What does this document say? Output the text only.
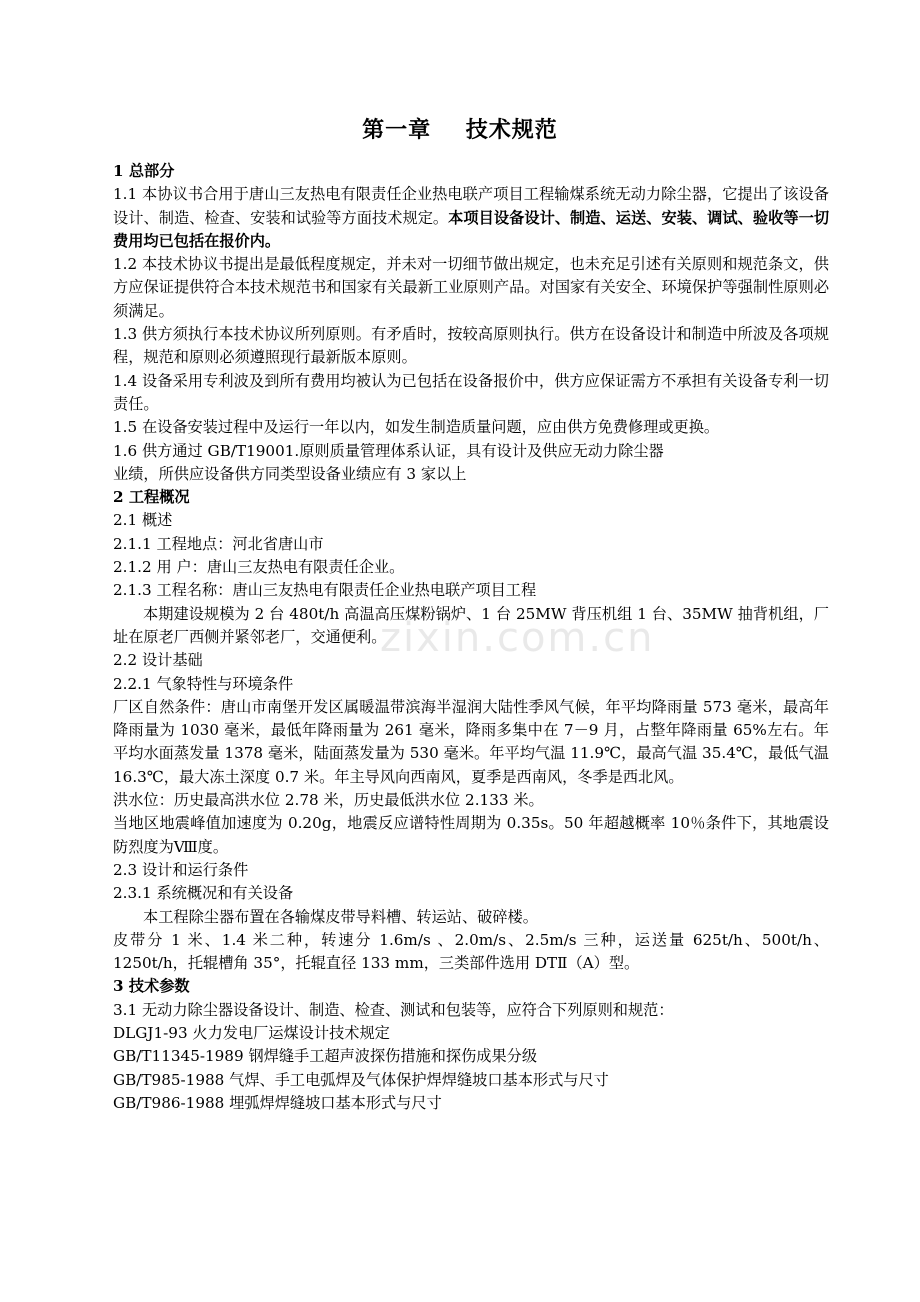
zixin.com.cn
第一章    技术规范

1 总部分

1.1 本协议书合用于唐山三友热电有限责任企业热电联产项目工程输煤系统无动力除尘器，它提出了该设备设计、制造、检查、安装和试验等方面技术规定。本项目设备设计、制造、运送、安装、调试、验收等一切费用均已包括在报价内。

1.2 本技术协议书提出是最低程度规定，并未对一切细节做出规定，也未充足引述有关原则和规范条文，供方应保证提供符合本技术规范书和国家有关最新工业原则产品。对国家有关安全、环境保护等强制性原则必须满足。

1.3 供方须执行本技术协议所列原则。有矛盾时，按较高原则执行。供方在设备设计和制造中所波及各项规程，规范和原则必须遵照现行最新版本原则。

1.4 设备采用专利波及到所有费用均被认为已包括在设备报价中，供方应保证需方不承担有关设备专利一切责任。

1.5 在设备安装过程中及运行一年以内，如发生制造质量问题，应由供方免费修理或更换。

1.6 供方通过 GB/T19001.原则质量管理体系认证，具有设计及供应无动力除尘器

业绩，所供应设备供方同类型设备业绩应有 3 家以上

2 工程概况

2.1 概述

2.1.1 工程地点：河北省唐山市

2.1.2 用 户：唐山三友热电有限责任企业。

2.1.3 工程名称：唐山三友热电有限责任企业热电联产项目工程

本期建设规模为 2 台 480t/h 高温高压煤粉锅炉、1 台 25MW 背压机组 1 台、35MW 抽背机组，厂址在原老厂西侧并紧邻老厂，交通便利。

2.2 设计基础

2.2.1 气象特性与环境条件

厂区自然条件：唐山市南堡开发区属暖温带滨海半湿润大陆性季风气候，年平均降雨量 573 毫米，最高年降雨量为 1030 毫米，最低年降雨量为 261 毫米，降雨多集中在 7－9 月，占整年降雨量 65%左右。年平均水面蒸发量 1378 毫米，陆面蒸发量为 530 毫米。年平均气温 11.9℃，最高气温 35.4℃，最低气温 16.3℃，最大冻土深度 0.7 米。年主导风向西南风，夏季是西南风，冬季是西北风。

洪水位：历史最高洪水位 2.78 米，历史最低洪水位 2.133 米。

当地区地震峰值加速度为 0.20g，地震反应谱特性周期为 0.35s。50 年超越概率 10％条件下，其地震设防烈度为Ⅷ度。

2.3 设计和运行条件

2.3.1 系统概况和有关设备

本工程除尘器布置在各输煤皮带导料槽、转运站、破碎楼。

皮带分 1 米、1.4 米二种，转速分 1.6m/s 、2.0m/s、2.5m/s 三种，运送量 625t/h、500t/h、1250t/h，托辊槽角 35°，托辊直径 133 mm，三类部件选用 DTⅡ（A）型。

3 技术参数

3.1 无动力除尘器设备设计、制造、检查、测试和包装等，应符合下列原则和规范：

DLGJ1-93 火力发电厂运煤设计技术规定

GB/T11345-1989 钢焊缝手工超声波探伤措施和探伤成果分级

GB/T985-1988 气焊、手工电弧焊及气体保护焊焊缝坡口基本形式与尺寸

GB/T986-1988 埋弧焊焊缝坡口基本形式与尺寸
